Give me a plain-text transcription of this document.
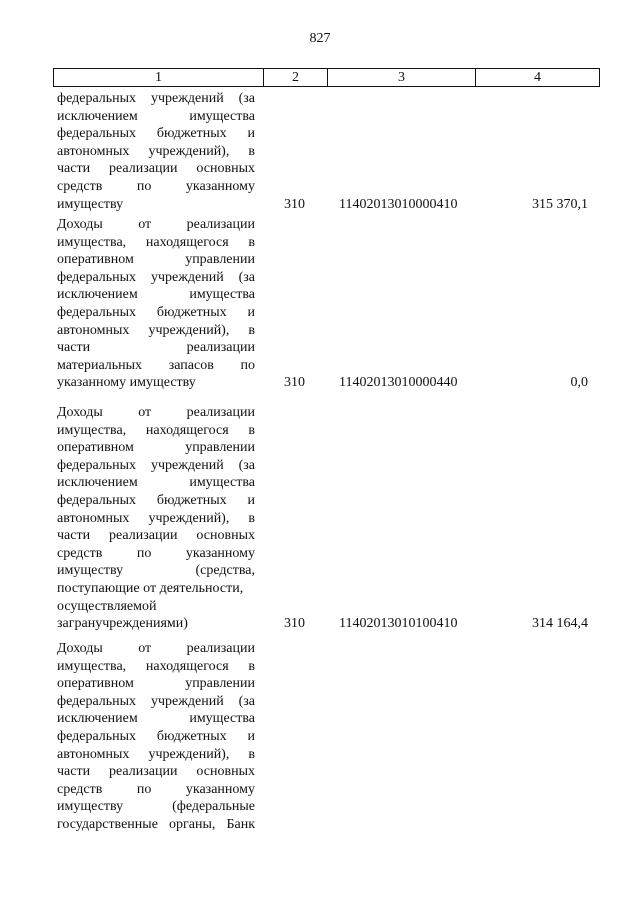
827
1	2	3	4
федеральных учреждений (за
исключением имущества
федеральных бюджетных и
автономных учреждений), в
части реализации основных
средств по указанному
имуществу	310 11402013010000410	315 370,1
Доходы от реализации
имущества, находящегося в
оперативном управлении
федеральных учреждений (за
исключением имущества
федеральных бюджетных и
автономных учреждений), в
части реализации
материальных запасов по
указанному имуществу	310 11402013010000440	0,0
Доходы от реализации
имущества, находящегося в
оперативном управлении
федеральных учреждений (за
исключением имущества
федеральных бюджетных и
автономных учреждений), в
части реализации основных
средств по указанному
имуществу (средства,
поступающие от деятельности,
осуществляемой
загранучреждениями)	310 11402013010100410	314 164,4
Доходы от реализации
имущества, находящегося в
оперативном управлении
федеральных учреждений (за
исключением имущества
федеральных бюджетных и
автономных учреждений), в
части реализации основных
средств по указанному
имуществу (федеральные
государственные органы, Банк
